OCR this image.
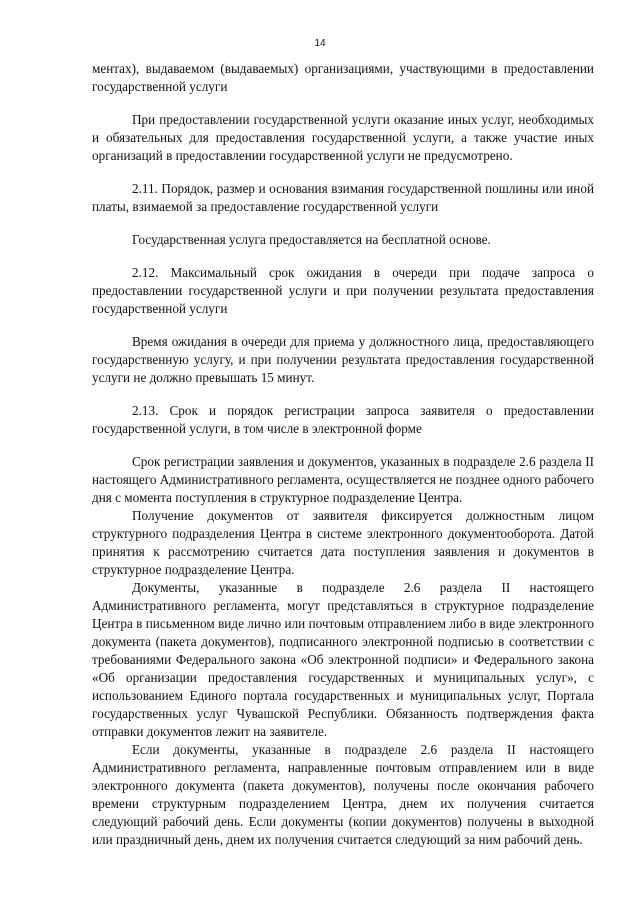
14

ментах), выдаваемом (выдаваемых) организациями, участвующими в предоставлении государственной услуги

При предоставлении государственной услуги оказание иных услуг, необходимых и обязательных для предоставления государственной услуги, а также участие иных организаций в предоставлении государственной услуги не предусмотрено.

2.11. Порядок, размер и основания взимания государственной пошлины или иной платы, взимаемой за предоставление государственной услуги

Государственная услуга предоставляется на бесплатной основе.

2.12. Максимальный срок ожидания в очереди при подаче запроса о предоставлении государственной услуги и при получении результата предоставления государственной услуги

Время ожидания в очереди для приема у должностного лица, предоставляющего государственную услугу, и при получении результата предоставления государственной услуги не должно превышать 15 минут.

2.13. Срок и порядок регистрации запроса заявителя о предоставлении государственной услуги, в том числе в электронной форме

Срок регистрации заявления и документов, указанных в подразделе 2.6 раздела II настоящего Административного регламента, осуществляется не позднее одного рабочего дня с момента поступления в структурное подразделение Центра.

Получение документов от заявителя фиксируется должностным лицом структурного подразделения Центра в системе электронного документооборота. Датой принятия к рассмотрению считается дата поступления заявления и документов в структурное подразделение Центра.

Документы, указанные в подразделе 2.6 раздела II настоящего Административного регламента, могут представляться в структурное подразделение Центра в письменном виде лично или почтовым отправлением либо в виде электронного документа (пакета документов), подписанного электронной подписью в соответствии с требованиями Федерального закона «Об электронной подписи» и Федерального закона «Об организации предоставления государственных и муниципальных услуг», с использованием Единого портала государственных и муниципальных услуг, Портала государственных услуг Чувашской Республики. Обязанность подтверждения факта отправки документов лежит на заявителе.

Если документы, указанные в подразделе 2.6 раздела II настоящего Административного регламента, направленные почтовым отправлением или в виде электронного документа (пакета документов), получены после окончания рабочего времени структурным подразделением Центра, днем их получения считается следующий рабочий день. Если документы (копии документов) получены в выходной или праздничный день, днем их получения считается следующий за ним рабочий день.
